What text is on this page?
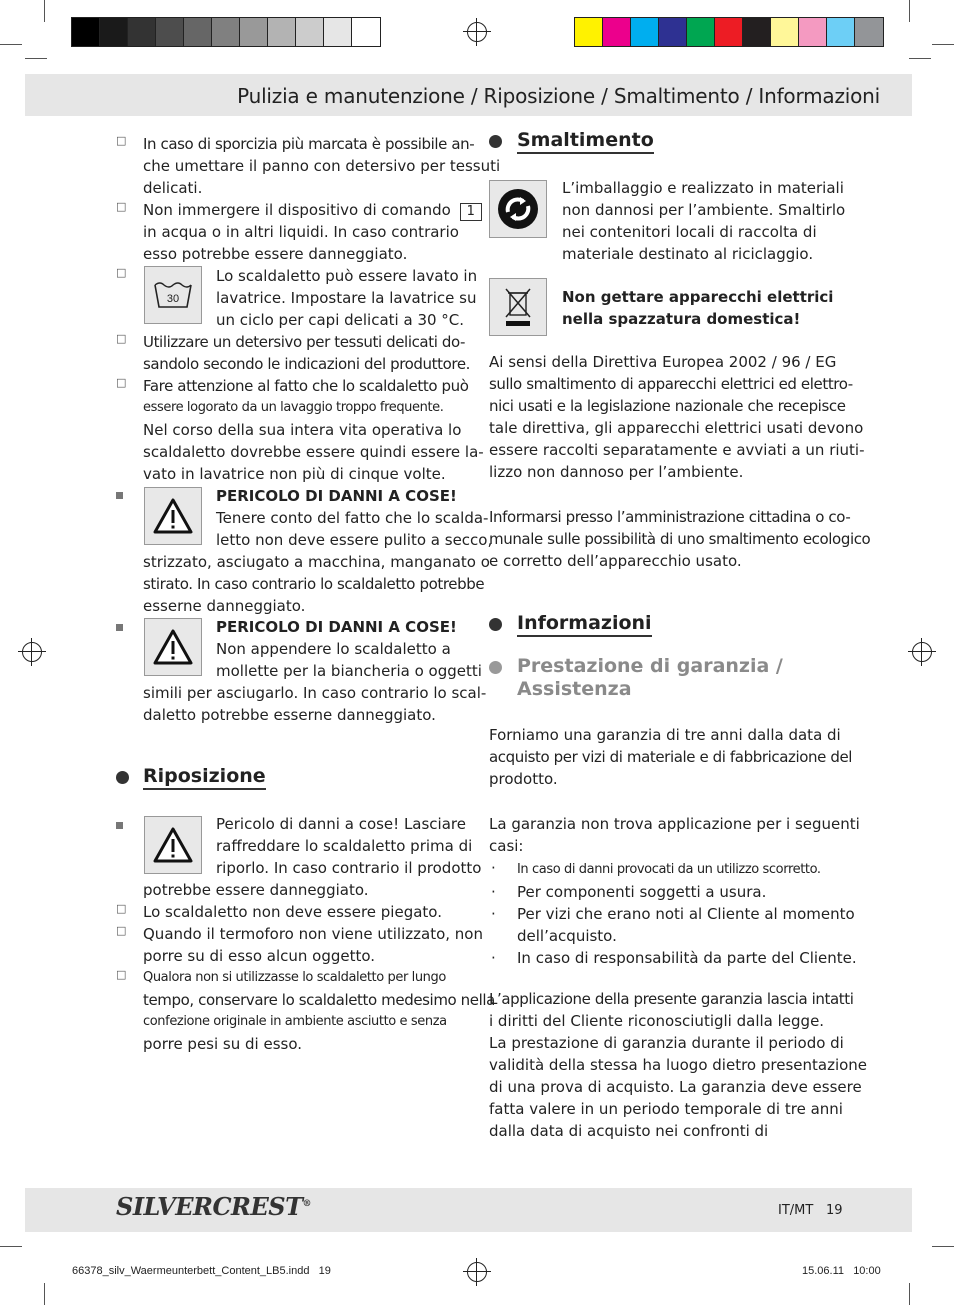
Pulizia e manutenzione / Riposizione / Smaltimento / Informazioni
□ In caso di sporcizia più marcata è possibile an-
che umettare il panno con detersivo per tessuti
delicati.
□ Non immergere il dispositivo di comando 1
in acqua o in altri liquidi. In caso contrario
esso potrebbe essere danneggiato.
□
30
Lo scaldaletto può essere lavato in
lavatrice. Impostare la lavatrice su
un ciclo per capi delicati a 30 °C.
□ Utilizzare un detersivo per tessuti delicati do-
sandolo secondo le indicazioni del produttore.
□ Fare attenzione al fatto che lo scaldaletto può
essere logorato da un lavaggio troppo frequente.
Nel corso della sua intera vita operativa lo
scaldaletto dovrebbe essere quindi essere la-
vato in lavatrice non più di cinque volte.
PERICOLO DI DANNI A COSE!
Tenere conto del fatto che lo scalda-
letto non deve essere pulito a secco,
strizzato, asciugato a macchina, manganato o
stirato. In caso contrario lo scaldaletto potrebbe
esserne danneggiato.
PERICOLO DI DANNI A COSE!
Non appendere lo scaldaletto a
mollette per la biancheria o oggetti
simili per asciugarlo. In caso contrario lo scal-
daletto potrebbe esserne danneggiato.
Riposizione
Pericolo di danni a cose! Lasciare
raffreddare lo scaldaletto prima di
riporlo. In caso contrario il prodotto
potrebbe essere danneggiato.
□ Lo scaldaletto non deve essere piegato.
□ Quando il termoforo non viene utilizzato, non
porre su di esso alcun oggetto.
□ Qualora non si utilizzasse lo scaldaletto per lungo
tempo, conservare lo scaldaletto medesimo nella
confezione originale in ambiente asciutto e senza
porre pesi su di esso.
Smaltimento
L’imballaggio e realizzato in materiali
non dannosi per l’ambiente. Smaltirlo
nei contenitori locali di raccolta di
materiale destinato al riciclaggio.
Non gettare apparecchi elettrici
nella spazzatura domestica!
Ai sensi della Direttiva Europea 2002 / 96 / EG
sullo smaltimento di apparecchi elettrici ed elettro-
nici usati e la legislazione nazionale che recepisce
tale direttiva, gli apparecchi elettrici usati devono
essere raccolti separatamente e avviati a un riuti-
lizzo non dannoso per l’ambiente.
Informarsi presso l’amministrazione cittadina o co-
munale sulle possibilità di uno smaltimento ecologico
e corretto dell’apparecchio usato.
Informazioni
Prestazione di garanzia /
Assistenza
Forniamo una garanzia di tre anni dalla data di
acquisto per vizi di materiale e di fabbricazione del
prodotto.
La garanzia non trova applicazione per i seguenti
casi:
· In caso di danni provocati da un utilizzo scorretto.
· Per componenti soggetti a usura.
· Per vizi che erano noti al Cliente al momento
dell’acquisto.
· In caso di responsabilità da parte del Cliente.
L’applicazione della presente garanzia lascia intatti
i diritti del Cliente riconosciutigli dalla legge.
La prestazione di garanzia durante il periodo di
validità della stessa ha luogo dietro presentazione
di una prova di acquisto. La garanzia deve essere
fatta valere in un periodo temporale di tre anni
dalla data di acquisto nei confronti di
SILVERCREST®	IT/MT 19
66378_silv_Waermeunterbett_Content_LB5.indd 19	15.06.11 10:00
